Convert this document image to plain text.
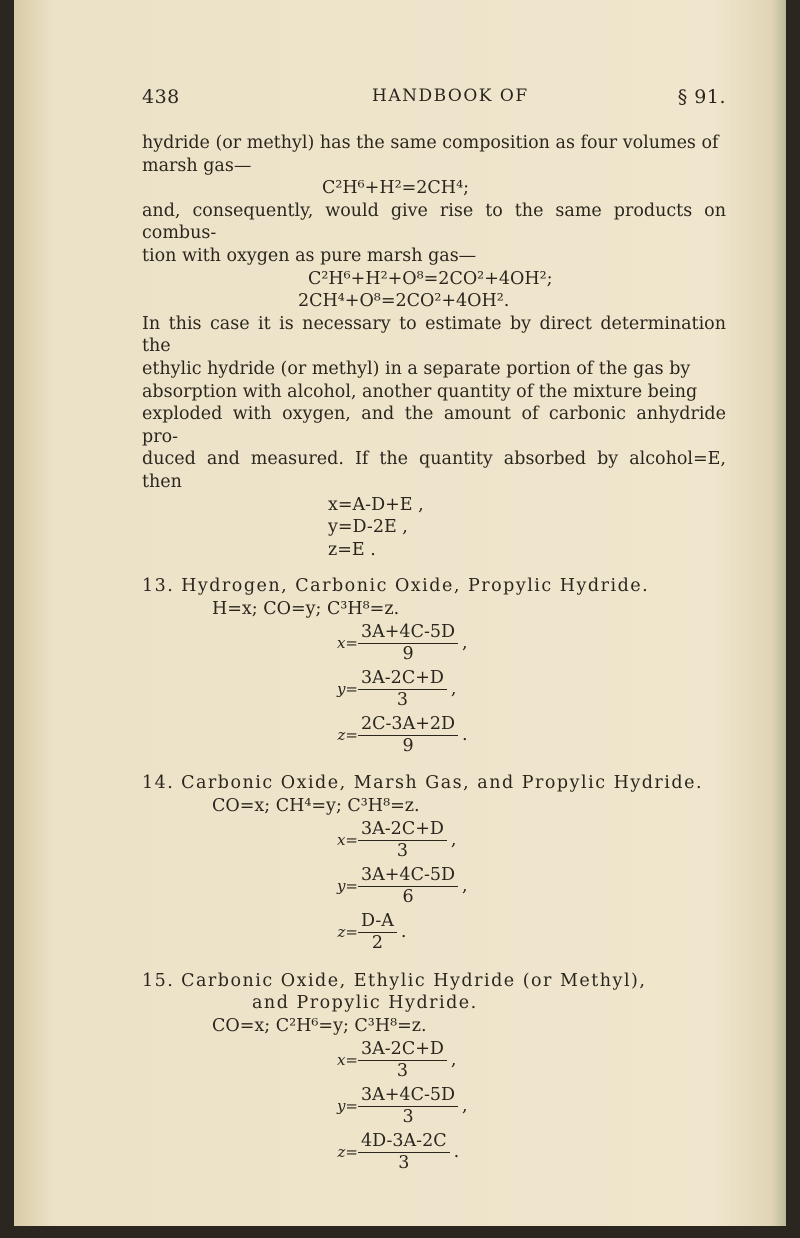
438	HANDBOOK OF	§ 91.

hydride (or methyl) has the same composition as four volumes of

marsh gas—

C²H⁶+H²=2CH⁴;

and, consequently, would give rise to the same products on combus-

tion with oxygen as pure marsh gas—

C²H⁶+H²+O⁸=2CO²+4OH²;

2CH⁴+O⁸=2CO²+4OH².

In this case it is necessary to estimate by direct determination the

ethylic hydride (or methyl) in a separate portion of the gas by

absorption with alcohol, another quantity of the mixture being

exploded with oxygen, and the amount of carbonic anhydride pro-

duced and measured. If the quantity absorbed by alcohol=E, then

x=A-D+E ,

y=D-2E ,

z=E .

13. Hydrogen, Carbonic Oxide, Propylic Hydride.

H=x; CO=y; C³H⁸=z.

$x= \frac{3A+4C-5D}{9}$ ,
$y= \frac{3A-2C+D}{3}$ ,
$z= \frac{2C-3A+2D}{9}$ .

14. Carbonic Oxide, Marsh Gas, and Propylic Hydride.

CO=x; CH⁴=y; C³H⁸=z.

$x= \frac{3A-2C+D}{3}$ ,
$y= \frac{3A+4C-5D}{6}$ ,
$z= \frac{D-A}{2}$ .

15. Carbonic Oxide, Ethylic Hydride (or Methyl),

and Propylic Hydride.

CO=x; C²H⁶=y; C³H⁸=z.

$x= \frac{3A-2C+D}{3}$ ,
$y= \frac{3A+4C-5D}{3}$ ,
$z= \frac{4D-3A-2C}{3}$ .
